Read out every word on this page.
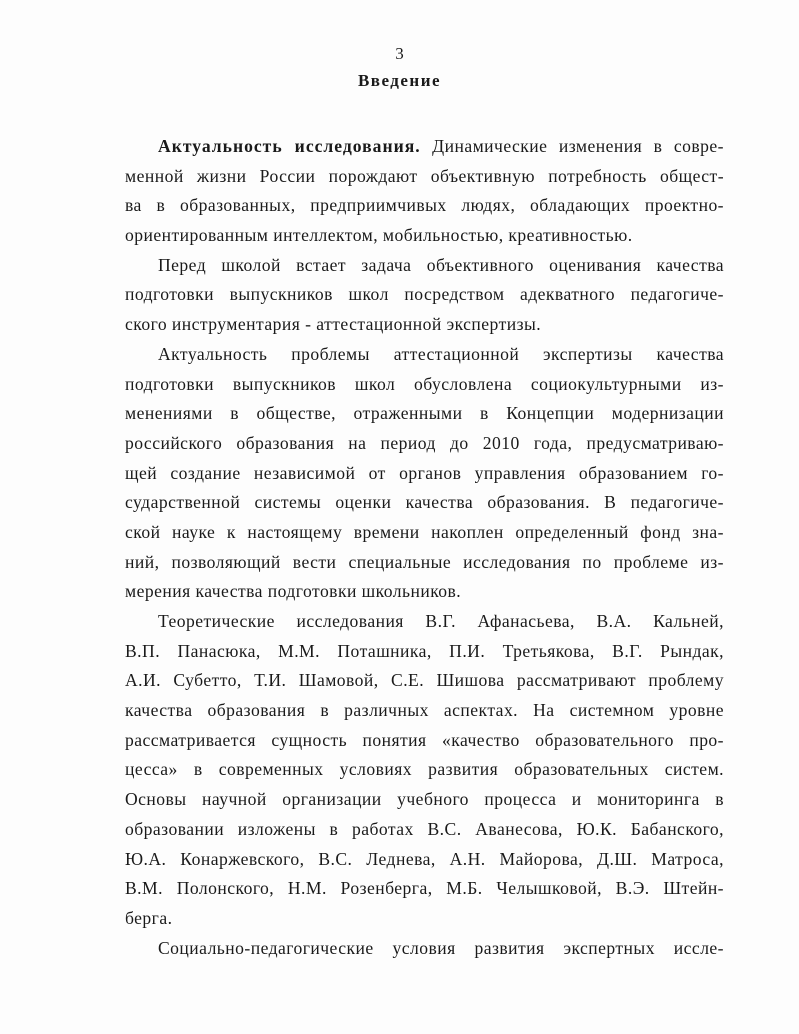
3
Введение
Актуальность исследования. Динамические изменения в совре-
менной жизни России порождают объективную потребность общест-
ва в образованных, предприимчивых людях, обладающих проектно-
ориентированным интеллектом, мобильностью, креативностью.
Перед школой встает задача объективного оценивания качества
подготовки выпускников школ посредством адекватного педагогиче-
ского инструментария - аттестационной экспертизы.
Актуальность проблемы аттестационной экспертизы качества
подготовки выпускников школ обусловлена социокультурными из-
менениями в обществе, отраженными в Концепции модернизации
российского образования на период до 2010 года, предусматриваю-
щей создание независимой от органов управления образованием го-
сударственной системы оценки качества образования. В педагогиче-
ской науке к настоящему времени накоплен определенный фонд зна-
ний, позволяющий вести специальные исследования по проблеме из-
мерения качества подготовки школьников.
Теоретические исследования В.Г. Афанасьева, В.А. Кальней,
В.П. Панасюка, М.М. Поташника, П.И. Третьякова, В.Г. Рындак,
А.И. Субетто, Т.И. Шамовой, С.Е. Шишова рассматривают проблему
качества образования в различных аспектах. На системном уровне
рассматривается сущность понятия «качество образовательного про-
цесса» в современных условиях развития образовательных систем.
Основы научной организации учебного процесса и мониторинга в
образовании изложены в работах В.С. Аванесова, Ю.К. Бабанского,
Ю.А. Конаржевского, В.С. Леднева, А.Н. Майорова, Д.Ш. Матроса,
В.М. Полонского, Н.М. Розенберга, М.Б. Челышковой, В.Э. Штейн-
берга.
Социально-педагогические условия развития экспертных иссле-
